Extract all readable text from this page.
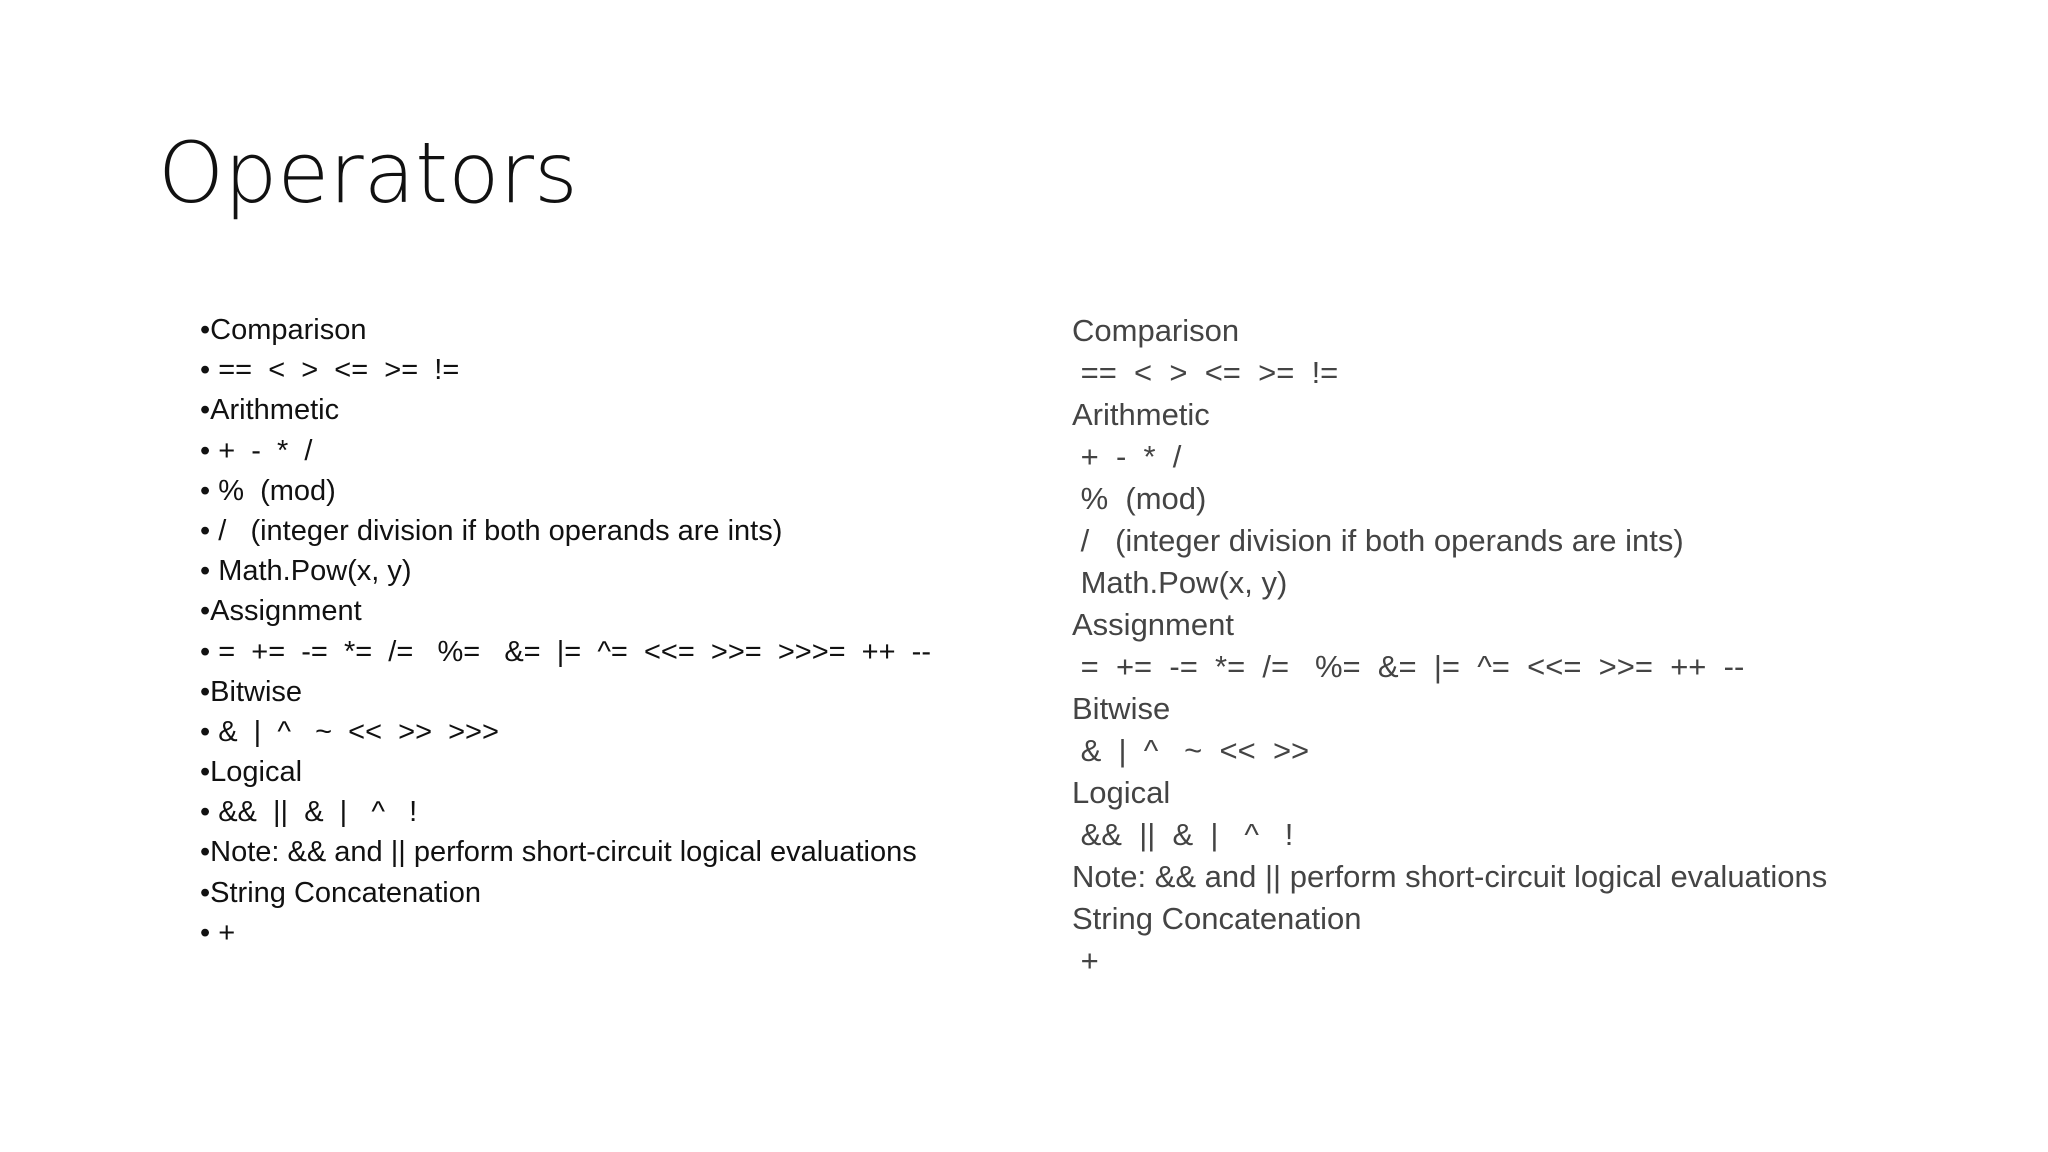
Operators
•Comparison
• ==  <  >  <=  >=  !=
•Arithmetic
• +  -  *  /
• %  (mod)
• /   (integer division if both operands are ints)
• Math.Pow(x, y)
•Assignment
• =  +=  -=  *=  /=   %=   &=  |=  ^=  <<=  >>=  >>>=  ++  --
•Bitwise
• &  |  ^   ~  <<  >>  >>>
•Logical
• &&  ||  &  |   ^   !
•Note: && and || perform short-circuit logical evaluations
•String Concatenation
• +
Comparison
==  <  >  <=  >=  !=
Arithmetic
+  -  *  /
%  (mod)
/   (integer division if both operands are ints)
Math.Pow(x, y)
Assignment
=  +=  -=  *=  /=   %=  &=  |=  ^=  <<=  >>=  ++  --
Bitwise
&  |  ^   ~  <<  >>
Logical
&&  ||  &  |   ^   !
Note: && and || perform short-circuit logical evaluations
String Concatenation
+
